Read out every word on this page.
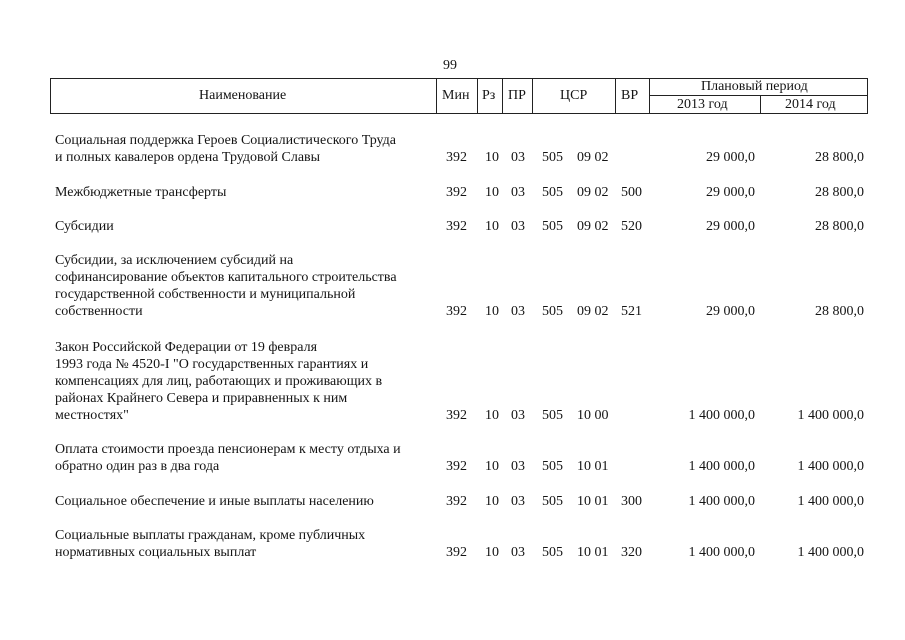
99
Наименование	Мин Рз ПР ЦСР ВР
Плановый период
2013 год	2014 год
Социальная поддержка Героев Социалистического Труда
и полных кавалеров ордена Трудовой Славы	392 10 03 505 09 02	29 000,0	28 800,0
Межбюджетные трансферты	392 10 03 505 09 02 500	29 000,0	28 800,0
Субсидии	392 10 03 505 09 02 520	29 000,0	28 800,0
Субсидии, за исключением субсидий на
софинансирование объектов капитального строительства
государственной собственности и муниципальной
собственности	392 10 03 505 09 02 521	29 000,0	28 800,0
Закон Российской Федерации от 19 февраля
1993 года № 4520-I "О государственных гарантиях и
компенсациях для лиц, работающих и проживающих в
районах Крайнего Севера и приравненных к ним
местностях"	392 10 03 505 10 00	1 400 000,0	1 400 000,0
Оплата стоимости проезда пенсионерам к месту отдыха и
обратно один раз в два года	392 10 03 505 10 01	1 400 000,0	1 400 000,0
Социальное обеспечение и иные выплаты населению	392 10 03 505 10 01 300	1 400 000,0	1 400 000,0
Социальные выплаты гражданам, кроме публичных
нормативных социальных выплат	392 10 03 505 10 01 320	1 400 000,0	1 400 000,0
